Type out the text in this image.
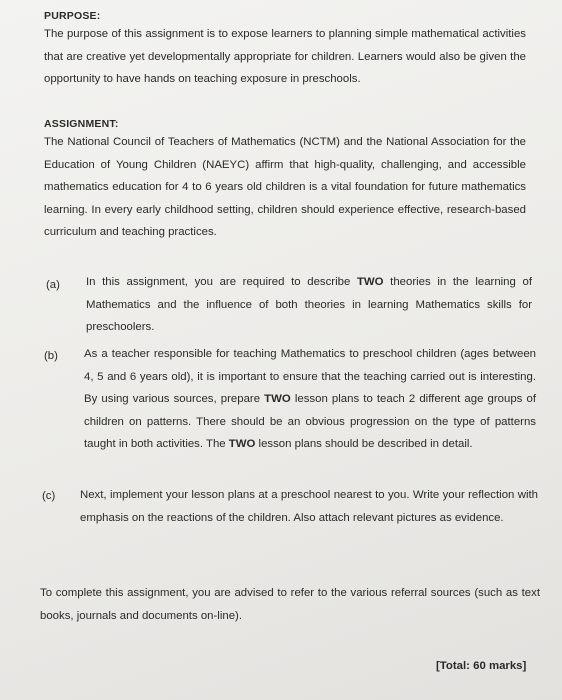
PURPOSE:
The purpose of this assignment is to expose learners to planning simple mathematical activities that are creative yet developmentally appropriate for children. Learners would also be given the opportunity to have hands on teaching exposure in preschools.
ASSIGNMENT:
The National Council of Teachers of Mathematics (NCTM) and the National Association for the Education of Young Children (NAEYC) affirm that high-quality, challenging, and accessible mathematics education for 4 to 6 years old children is a vital foundation for future mathematics learning. In every early childhood setting, children should experience effective, research-based curriculum and teaching practices.
(a) In this assignment, you are required to describe TWO theories in the learning of Mathematics and the influence of both theories in learning Mathematics skills for preschoolers.
(b) As a teacher responsible for teaching Mathematics to preschool children (ages between 4, 5 and 6 years old), it is important to ensure that the teaching carried out is interesting. By using various sources, prepare TWO lesson plans to teach 2 different age groups of children on patterns. There should be an obvious progression on the type of patterns taught in both activities. The TWO lesson plans should be described in detail.
(c) Next, implement your lesson plans at a preschool nearest to you. Write your reflection with emphasis on the reactions of the children. Also attach relevant pictures as evidence.
To complete this assignment, you are advised to refer to the various referral sources (such as text books, journals and documents on-line).
[Total: 60 marks]
